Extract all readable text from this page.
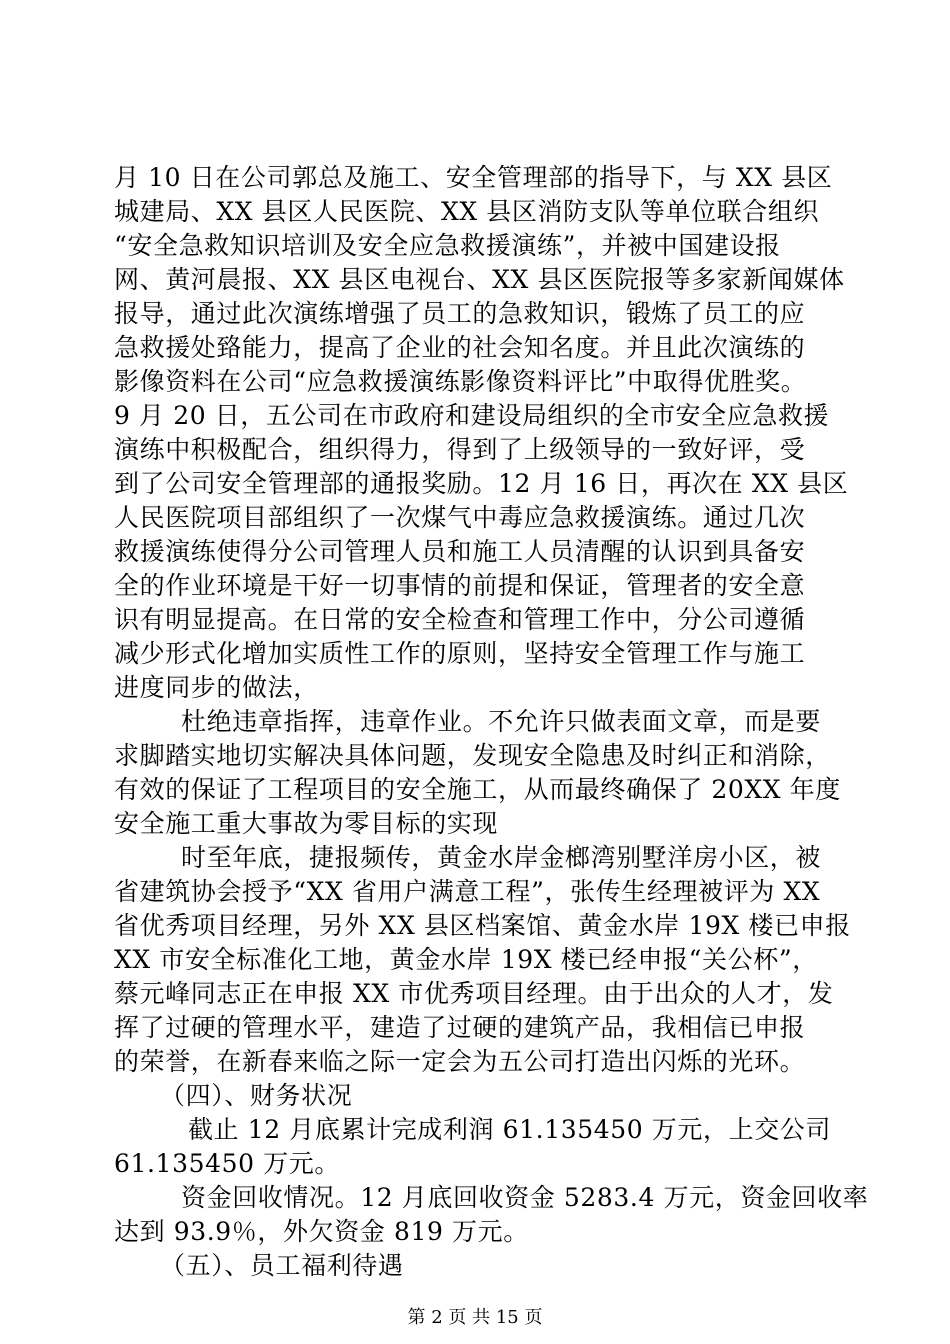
月 10 日在公司郭总及施工、安全管理部的指导下，与 XX 县区
城建局、XX 县区人民医院、XX 县区消防支队等单位联合组织
“安全急救知识培训及安全应急救援演练”，并被中国建设报
网、黄河晨报、XX 县区电视台、XX 县区医院报等多家新闻媒体
报导，通过此次演练增强了员工的急救知识，锻炼了员工的应
急救援处臵能力，提高了企业的社会知名度。并且此次演练的
影像资料在公司“应急救援演练影像资料评比”中取得优胜奖。
9 月 20 日，五公司在市政府和建设局组织的全市安全应急救援
演练中积极配合，组织得力，得到了上级领导的一致好评，受
到了公司安全管理部的通报奖励。12 月 16 日，再次在 XX 县区
人民医院项目部组织了一次煤气中毒应急救援演练。通过几次
救援演练使得分公司管理人员和施工人员清醒的认识到具备安
全的作业环境是干好一切事情的前提和保证，管理者的安全意
识有明显提高。在日常的安全检查和管理工作中，分公司遵循
减少形式化增加实质性工作的原则，坚持安全管理工作与施工
进度同步的做法，
杜绝违章指挥，违章作业。不允许只做表面文章，而是要
求脚踏实地切实解决具体问题，发现安全隐患及时纠正和消除，
有效的保证了工程项目的安全施工，从而最终确保了 20XX 年度
安全施工重大事故为零目标的实现
时至年底，捷报频传，黄金水岸金榔湾别墅洋房小区，被
省建筑协会授予“XX 省用户满意工程”，张传生经理被评为 XX
省优秀项目经理，另外 XX 县区档案馆、黄金水岸 19X 楼已申报
XX 市安全标准化工地，黄金水岸 19X 楼已经申报“关公杯”，
蔡元峰同志正在申报 XX 市优秀项目经理。由于出众的人才，发
挥了过硬的管理水平，建造了过硬的建筑产品，我相信已申报
的荣誉，在新春来临之际一定会为五公司打造出闪烁的光环。
（四）、财务状况
截止 12 月底累计完成利润 61.135450 万元，上交公司
61.135450 万元。
资金回收情况。12 月底回收资金 5283.4 万元，资金回收率
达到 93.9％，外欠资金 819 万元。
（五）、员工福利待遇
第 2 页 共 15 页
